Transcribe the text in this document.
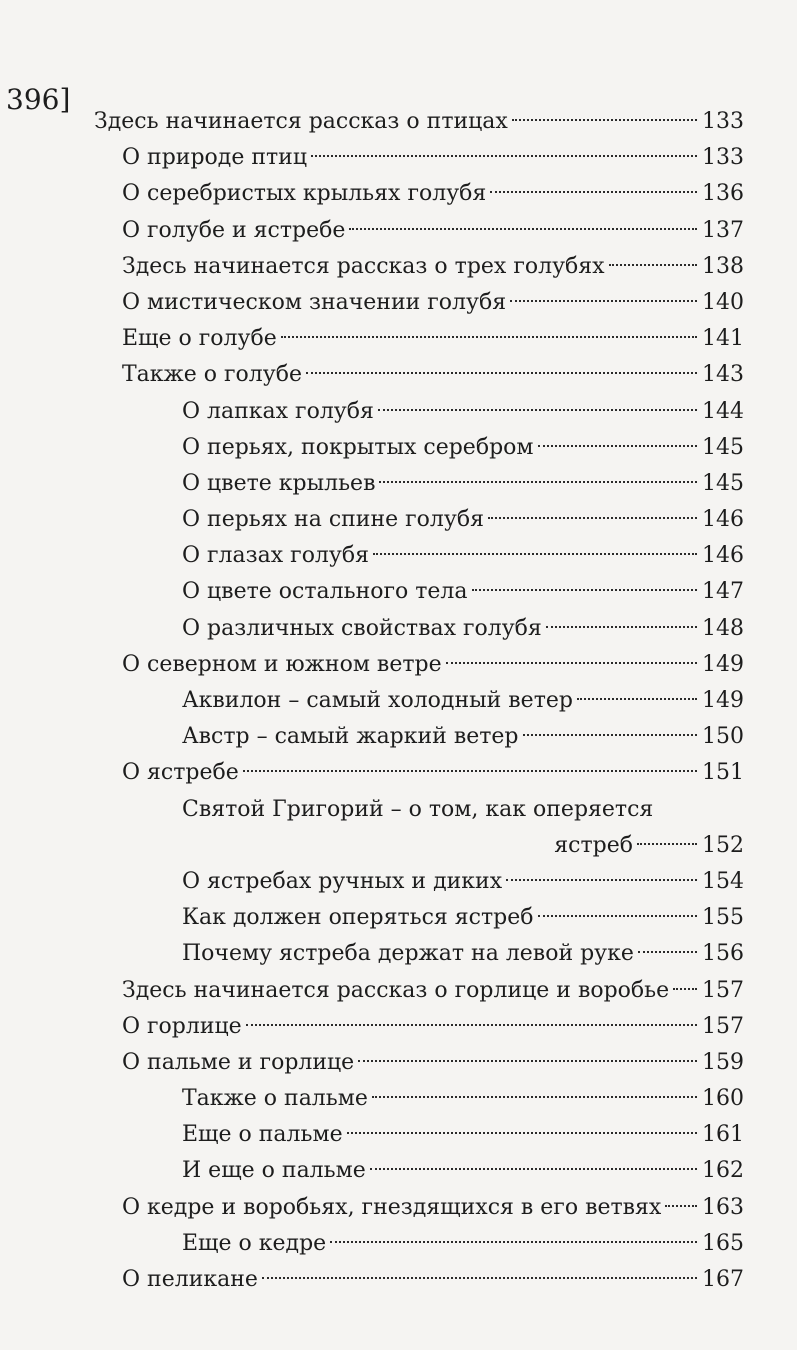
396]
Здесь начинается рассказ о птицах	133
О природе птиц	133
О серебристых крыльях голубя	136
О голубе и ястребе	137
Здесь начинается рассказ о трех голубях	138
О мистическом значении голубя	140
Еще о голубе	141
Также о голубе	143
О лапках голубя	144
О перьях, покрытых серебром	145
О цвете крыльев	145
О перьях на спине голубя	146
О глазах голубя	146
О цвете остального тела	147
О различных свойствах голубя	148
О северном и южном ветре	149
Аквилон – самый холодный ветер	149
Австр – самый жаркий ветер	150
О ястребе	151
Святой Григорий – о том, как оперяется
ястреб	152
О ястребах ручных и диких	154
Как должен оперяться ястреб	155
Почему ястреба держат на левой руке	156
Здесь начинается рассказ о горлице и воробье 157
О горлице	157
О пальме и горлице	159
Также о пальме	160
Еще о пальме	161
И еще о пальме	162
О кедре и воробьях, гнездящихся в его ветвях 163
Еще о кедре	165
О пеликане	167
